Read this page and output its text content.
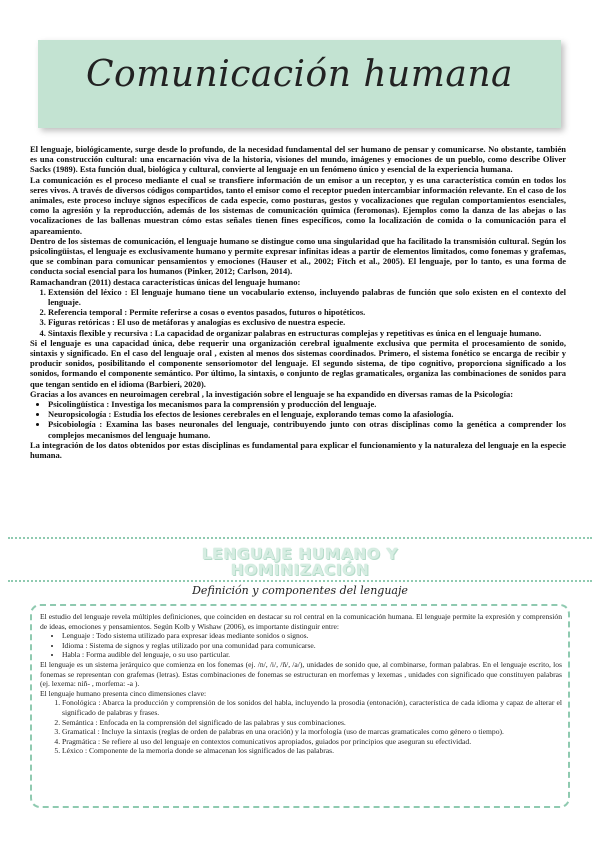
Comunicación humana

El lenguaje, biológicamente, surge desde lo profundo, de la necesidad fundamental del ser humano de pensar y comunicarse. No obstante, también es una construcción cultural: una encarnación viva de la historia, visiones del mundo, imágenes y emociones de un pueblo, como describe Oliver Sacks (1989). Esta función dual, biológica y cultural, convierte al lenguaje en un fenómeno único y esencial de la experiencia humana.

La comunicación es el proceso mediante el cual se transfiere información de un emisor a un receptor, y es una característica común en todos los seres vivos. A través de diversos códigos compartidos, tanto el emisor como el receptor pueden intercambiar información relevante. En el caso de los animales, este proceso incluye signos específicos de cada especie, como posturas, gestos y vocalizaciones que regulan comportamientos esenciales, como la agresión y la reproducción, además de los sistemas de comunicación química (feromonas). Ejemplos como la danza de las abejas o las vocalizaciones de las ballenas muestran cómo estas señales tienen fines específicos, como la localización de comida o la comunicación para el apareamiento.

Dentro de los sistemas de comunicación, el lenguaje humano se distingue como una singularidad que ha facilitado la transmisión cultural. Según los psicolingüistas, el lenguaje es exclusivamente humano y permite expresar infinitas ideas a partir de elementos limitados, como fonemas y grafemas, que se combinan para comunicar pensamientos y emociones (Hauser et al., 2002; Fitch et al., 2005). El lenguaje, por lo tanto, es una forma de conducta social esencial para los humanos (Pinker, 2012; Carlson, 2014).

Ramachandran (2011) destaca características únicas del lenguaje humano:

1. Extensión del léxico : El lenguaje humano tiene un vocabulario extenso, incluyendo palabras de función que solo existen en el contexto del lenguaje.
2. Referencia temporal : Permite referirse a cosas o eventos pasados, futuros o hipotéticos.
3. Figuras retóricas : El uso de metáforas y analogías es exclusivo de nuestra especie.
4. Sintaxis flexible y recursiva : La capacidad de organizar palabras en estructuras complejas y repetitivas es única en el lenguaje humano.

Si el lenguaje es una capacidad única, debe requerir una organización cerebral igualmente exclusiva que permita el procesamiento de sonido, sintaxis y significado. En el caso del lenguaje oral , existen al menos dos sistemas coordinados. Primero, el sistema fonético se encarga de recibir y producir sonidos, posibilitando el componente sensoriomotor del lenguaje. El segundo sistema, de tipo cognitivo, proporciona significado a los sonidos, formando el componente semántico. Por último, la sintaxis, o conjunto de reglas gramaticales, organiza las combinaciones de sonidos para que tengan sentido en el idioma (Barbieri, 2020).

Gracias a los avances en neuroimagen cerebral , la investigación sobre el lenguaje se ha expandido en diversas ramas de la Psicología:

• Psicolingüística : Investiga los mecanismos para la comprensión y producción del lenguaje.
• Neuropsicología : Estudia los efectos de lesiones cerebrales en el lenguaje, explorando temas como la afasiología.
• Psicobiología : Examina las bases neuronales del lenguaje, contribuyendo junto con otras disciplinas como la genética a comprender los complejos mecanismos del lenguaje humano.

La integración de los datos obtenidos por estas disciplinas es fundamental para explicar el funcionamiento y la naturaleza del lenguaje en la especie humana.

LENGUAJE HUMANO Y
HOMINIZACIÓN
Definición y componentes del lenguaje

El estudio del lenguaje revela múltiples definiciones, que coinciden en destacar su rol central en la comunicación humana. El lenguaje permite la expresión y comprensión de ideas, emociones y pensamientos. Según Kolb y Wishaw (2006), es importante distinguir entre:

• Lenguaje : Todo sistema utilizado para expresar ideas mediante sonidos o signos.
• Idioma : Sistema de signos y reglas utilizado por una comunidad para comunicarse.
• Habla : Forma audible del lenguaje, o su uso particular.

El lenguaje es un sistema jerárquico que comienza en los fonemas (ej. /n/, /i/, /ñ/, /a/), unidades de sonido que, al combinarse, forman palabras. En el lenguaje escrito, los fonemas se representan con grafemas (letras). Estas combinaciones de fonemas se estructuran en morfemas y lexemas , unidades con significado que constituyen palabras (ej. lexema: niñ- , morfema: -a ).

El lenguaje humano presenta cinco dimensiones clave:

1. Fonológica : Abarca la producción y comprensión de los sonidos del habla, incluyendo la prosodia (entonación), característica de cada idioma y capaz de alterar el significado de palabras y frases.
2. Semántica : Enfocada en la comprensión del significado de las palabras y sus combinaciones.
3. Gramatical : Incluye la sintaxis (reglas de orden de palabras en una oración) y la morfología (uso de marcas gramaticales como género o tiempo).
4. Pragmática : Se refiere al uso del lenguaje en contextos comunicativos apropiados, guiados por principios que aseguran su efectividad.
5. Léxico : Componente de la memoria donde se almacenan los significados de las palabras.
